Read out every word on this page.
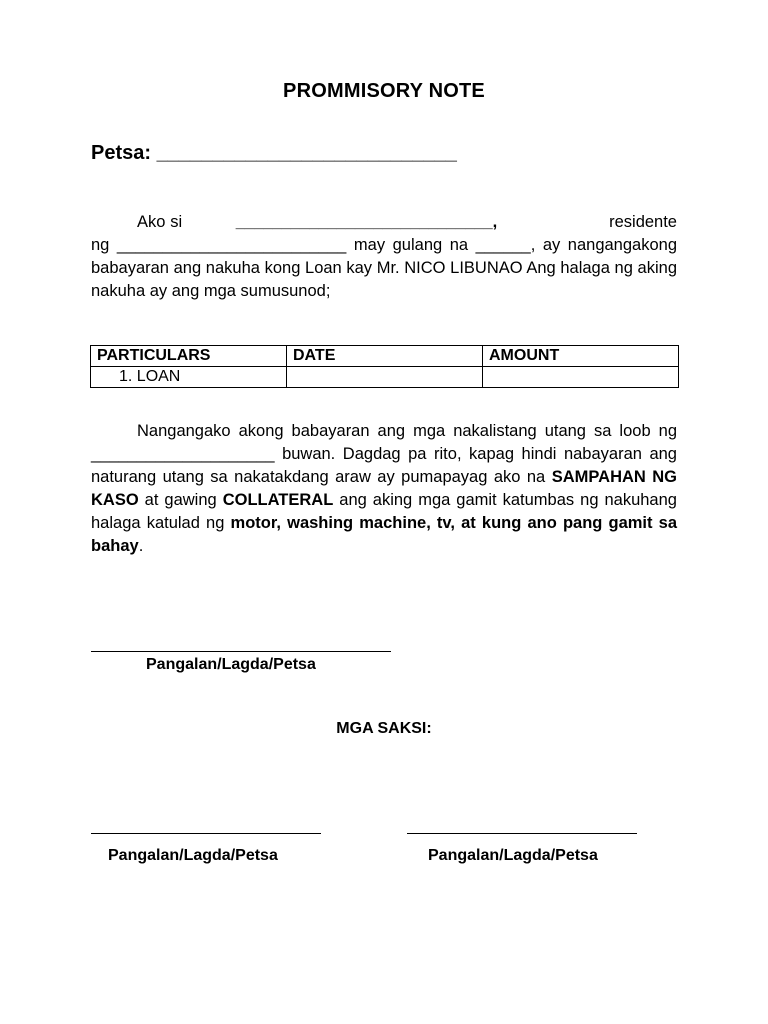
PROMMISORY NOTE
Petsa: ___________________________
Ako si	____________________________,	residente ng _________________________ may gulang na ______, ay nangangakong babayaran ang nakuha kong Loan kay Mr. NICO LIBUNAO Ang halaga ng aking nakuha ay ang mga sumusunod;
PARTICULARS	DATE	AMOUNT
1. LOAN		
Nangangako akong babayaran ang mga nakalistang utang sa loob ng ____________________ buwan. Dagdag pa rito, kapag hindi nabayaran ang naturang utang sa nakatakdang araw ay pumapayag ako na SAMPAHAN NG KASO at gawing COLLATERAL ang aking mga gamit katumbas ng nakuhang halaga katulad ng motor, washing machine, tv, at kung ano pang gamit sa bahay.
Pangalan/Lagda/Petsa
MGA SAKSI:
Pangalan/Lagda/Petsa	Pangalan/Lagda/Petsa
